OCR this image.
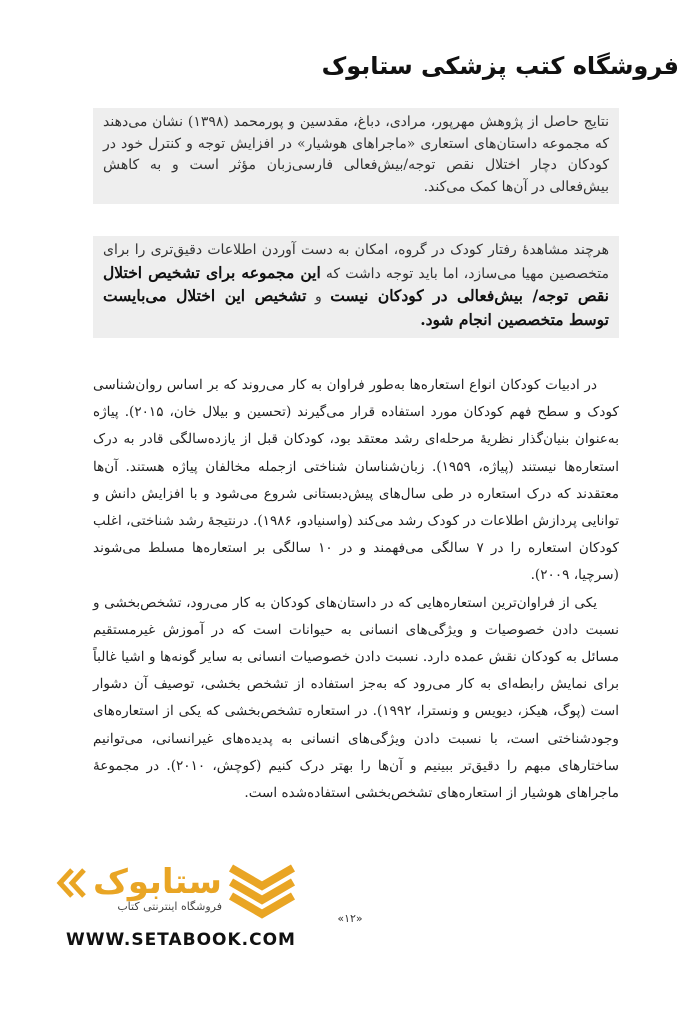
فروشگاه کتب پزشکی ستابوک
نتایج حاصل از پژوهش مهرپور، مرادی، دباغ، مقدسین و پورمحمد (۱۳۹۸) نشان می‌دهند که مجموعه داستان‌های استعاری «ماجراهای هوشیار» در افزایش توجه و کنترل خود در کودکان دچار اختلال نقص توجه/بیش‌فعالی فارسی‌زبان مؤثر است و به کاهش بیش‌فعالی در آن‌ها کمک می‌کند.
هرچند مشاهدهٔ رفتار کودک در گروه، امکان به دست آوردن اطلاعات دقیق‌تری را برای متخصصین مهیا می‌سازد، اما باید توجه داشت که این مجموعه برای تشخیص اختلال نقص توجه/ بیش‌فعالی در کودکان نیست و تشخیص این اختلال می‌بایست توسط متخصصین انجام شود.

در ادبیات کودکان انواع استعاره‌ها به‌طور فراوان به کار می‌روند که بر اساس روان‌شناسی کودک و سطح فهم کودکان مورد استفاده قرار می‌گیرند (تحسین و بیلال خان، ۲۰۱۵). پیاژه به‌عنوان بنیان‌گذار نظریهٔ مرحله‌ای رشد معتقد بود، کودکان قبل از یازده‌سالگی قادر به درک استعاره‌ها نیستند (پیاژه، ۱۹۵۹). زبان‌شناسان شناختی ازجمله مخالفان پیاژه هستند. آن‌ها معتقدند که درک استعاره در طی سال‌های پیش‌دبستانی شروع می‌شود و با افزایش دانش و توانایی پردازش اطلاعات در کودک رشد می‌کند (واسنیادو، ۱۹۸۶). درنتیجهٔ رشد شناختی، اغلب کودکان استعاره را در ۷ سالگی می‌فهمند و در ۱۰ سالگی بر استعاره‌ها مسلط می‌شوند (سرچیا، ۲۰۰۹).

یکی از فراوان‌ترین استعاره‌هایی که در داستان‌های کودکان به کار می‌رود، تشخص‌بخشی و نسبت دادن خصوصیات و ویژگی‌های انسانی به حیوانات است که در آموزش غیرمستقیم مسائل به کودکان نقش عمده دارد. نسبت دادن خصوصیات انسانی به سایر گونه‌ها و اشیا غالباً برای نمایش رابطه‌ای به کار می‌رود که به‌جز استفاده از تشخص بخشی، توصیف آن دشوار است (پوگ، هیکز، دیویس و ونسترا، ۱۹۹۲). در استعاره تشخص‌بخشی که یکی از استعاره‌های وجودشناختی است، با نسبت دادن ویژگی‌های انسانی به پدیده‌های غیرانسانی، می‌توانیم ساختارهای مبهم را دقیق‌تر ببینیم و آن‌ها را بهتر درک کنیم (کوچش، ۲۰۱۰). در مجموعهٔ ماجراهای هوشیار از استعاره‌های تشخص‌بخشی استفاده‌شده است.

«۱۲»
ستابوک
فروشگاه اینترنتی کتاب
WWW.SETABOOK.COM
